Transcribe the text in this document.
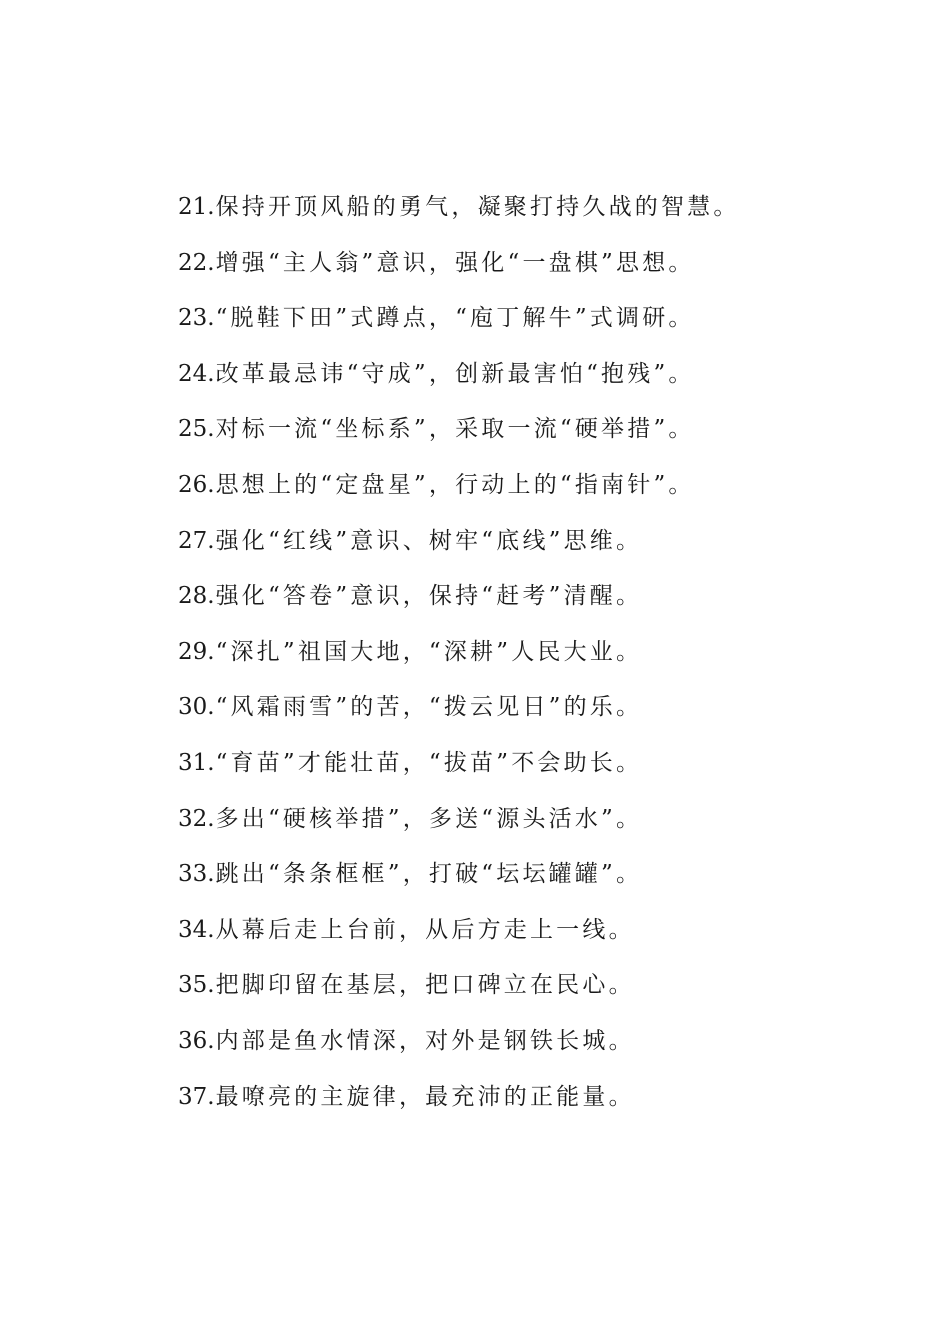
21.保持开顶风船的勇气，凝聚打持久战的智慧。
22.增强“主人翁”意识，强化“一盘棋”思想。
23.“脱鞋下田”式蹲点，“庖丁解牛”式调研。
24.改革最忌讳“守成”，创新最害怕“抱残”。
25.对标一流“坐标系”，采取一流“硬举措”。
26.思想上的“定盘星”，行动上的“指南针”。
27.强化“红线”意识、树牢“底线”思维。
28.强化“答卷”意识，保持“赶考”清醒。
29.“深扎”祖国大地，“深耕”人民大业。
30.“风霜雨雪”的苦，“拨云见日”的乐。
31.“育苗”才能壮苗，“拔苗”不会助长。
32.多出“硬核举措”，多送“源头活水”。
33.跳出“条条框框”，打破“坛坛罐罐”。
34.从幕后走上台前，从后方走上一线。
35.把脚印留在基层，把口碑立在民心。
36.内部是鱼水情深，对外是钢铁长城。
37.最嘹亮的主旋律，最充沛的正能量。
